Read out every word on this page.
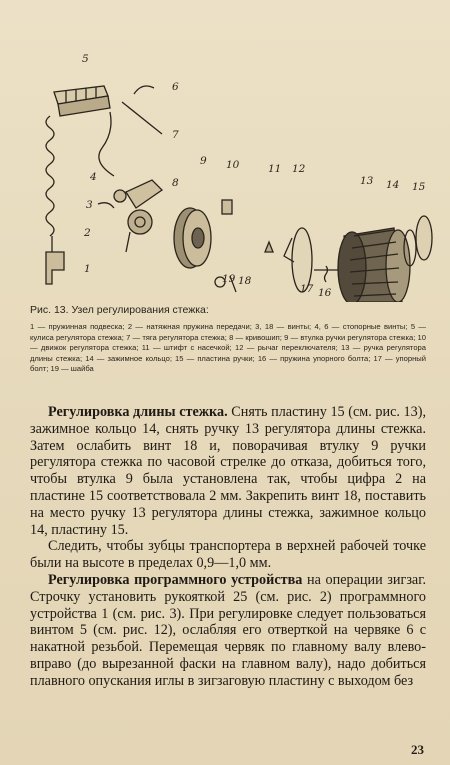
5
6
7
4	8
3
2
1
9 10	11 12
13 14 15
19 18
17 16
Рис. 13. Узел регулирования стежка:
1 — пружинная подвеска; 2 — натяжная пружина передачи; 3, 18 — винты; 4, 6 — стопорные винты; 5 — кулиса регулятора стежка; 7 — тяга регулятора стежка; 8 — кривошип; 9 — втулка ручки регулятора стежка; 10 — движок регулятора стежка; 11 — штифт с насечкой; 12 — рычаг переключателя; 13 — ручка регулятора длины стежка; 14 — зажимное кольцо; 15 — пластина ручки; 16 — пружина упорного болта; 17 — упорный болт; 19 — шайба

Регулировка длины стежка. Снять пластину 15 (см. рис. 13), зажимное кольцо 14, снять ручку 13 регулятора длины стежка. Затем ослабить винт 18 и, поворачивая втулку 9 ручки регулятора стежка по часовой стрелке до отказа, добиться того, чтобы втулка 9 была установлена так, чтобы цифра 2 на пластине 15 соответствовала 2 мм. Закрепить винт 18, поставить на место ручку 13 регулятора длины стежка, зажимное кольцо 14, пластину 15.

Следить, чтобы зубцы транспортера в верхней рабочей точке были на высоте в пределах 0,9—1,0 мм.

Регулировка программного устройства на операции зигзаг. Строчку установить рукояткой 25 (см. рис. 2) программного устройства 1 (см. рис. 3). При регулировке следует пользоваться винтом 5 (см. рис. 12), ослабляя его отверткой на червяке 6 с накатной резьбой. Перемещая червяк по главному валу влево-вправо (до вырезанной фаски на главном валу), надо добиться плавного опускания иглы в зигзаговую пластину с выходом без

23
